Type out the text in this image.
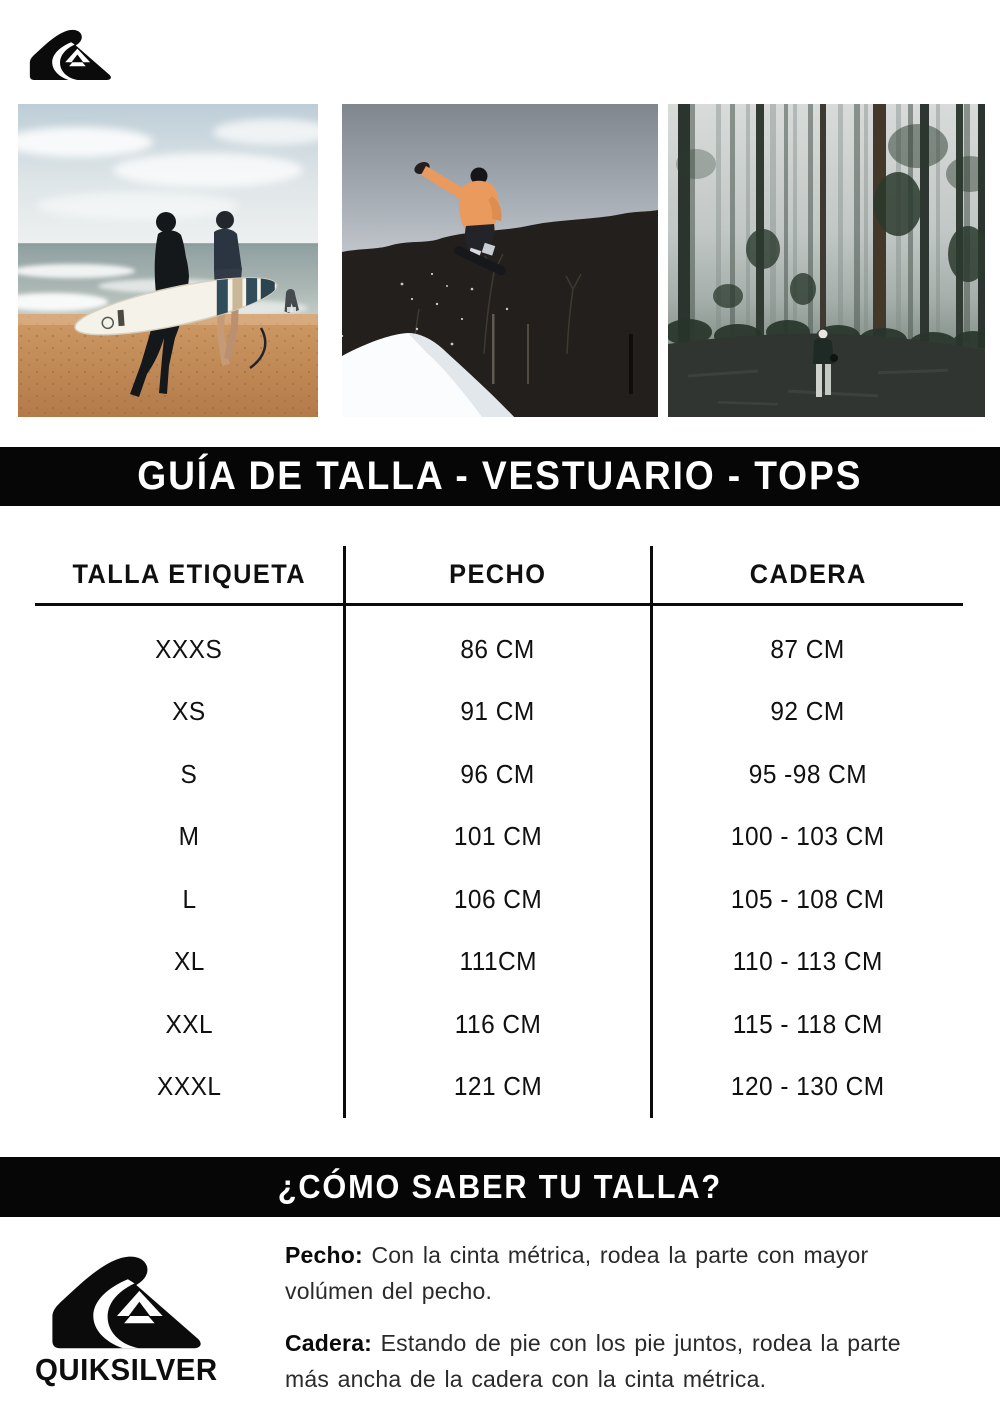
GUÍA DE TALLA - VESTUARIO - TOPS
TALLA ETIQUETA	PECHO	CADERA
XXXS	86 CM	87 CM
XS	91 CM	92 CM
S	96 CM	95 -98 CM
M	101 CM	100 - 103 CM
L	106 CM	105 - 108 CM
XL	111CM	110 - 113 CM
XXL	116 CM	115 - 118 CM
XXXL	121 CM	120 - 130 CM
¿CÓMO SABER TU TALLA?
QUIKSILVER

Pecho: Con la cinta métrica, rodea la parte con mayor volúmen del pecho.

Cadera: Estando de pie con los pie juntos, rodea la parte más ancha de la cadera con la cinta métrica.
